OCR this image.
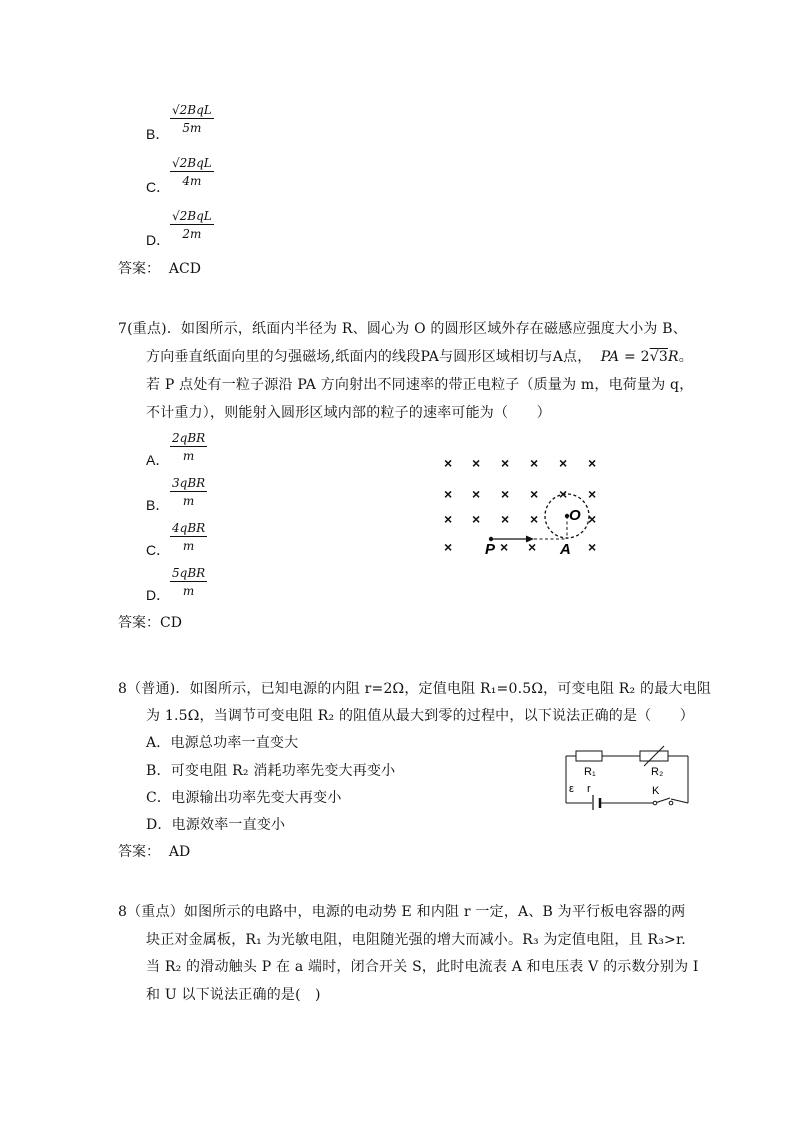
B．
√2BqL
5m
C．
√2BqL
4m
D．
√2BqL
2m
答案： ACD
7(重点)．如图所示，纸面内半径为 R、圆心为 O 的圆形区域外存在磁感应强度大小为 B、
方向垂直纸面向里的匀强磁场,纸面内的线段PA与圆形区域相切与A点， PA = 2√3R。
若 P 点处有一粒子源沿 PA 方向射出不同速率的带正电粒子（质量为 m，电荷量为 q，
不计重力），则能射入圆形区域内部的粒子的速率可能为（　　）
A．
2qBR
m
B．
3qBR
m
C．
4qBR
m
D．
5qBR
m
× × × × × ×
× × × × × ×
× × × ×	×
×	× ×	×
O
P	A
答案：CD
8（普通)．如图所示，已知电源的内阻 r=2Ω，定值电阻 R₁=0.5Ω，可变电阻 R₂ 的最大电阻
为 1.5Ω，当调节可变电阻 R₂ 的阻值从最大到零的过程中，以下说法正确的是（　　）
A．电源总功率一直变大
B．可变电阻 R₂ 消耗功率先变大再变小
C．电源输出功率先变大再变小
D．电源效率一直变小
R₁	R₂
ε r	K
答案： AD
8（重点）如图所示的电路中，电源的电动势 E 和内阻 r 一定，A、B 为平行板电容器的两
块正对金属板，R₁ 为光敏电阻，电阻随光强的增大而减小。R₃ 为定值电阻，且 R₃>r.
当 R₂ 的滑动触头 P 在 a 端时，闭合开关 S，此时电流表 A 和电压表 V 的示数分别为 I
和 U 以下说法正确的是(　)
